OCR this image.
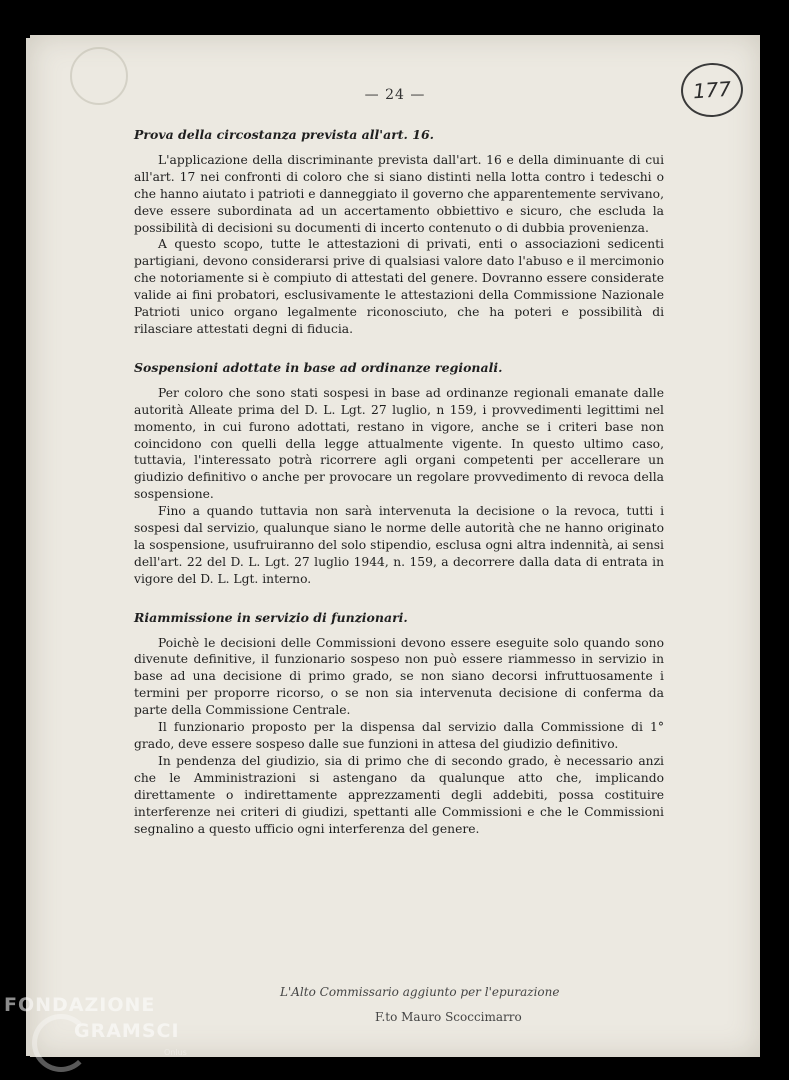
— 24 —	177

Prova della circostanza prevista all'art. 16.

L'applicazione della discriminante prevista dall'art. 16 e della diminuante di cui all'art. 17 nei confronti di coloro che si siano distinti nella lotta contro i tedeschi o che hanno aiutato i patrioti e danneggiato il governo che apparentemente servivano, deve essere subordinata ad un accertamento obbiettivo e sicuro, che escluda la possibilità di decisioni su documenti di incerto contenuto o di dubbia provenienza.

A questo scopo, tutte le attestazioni di privati, enti o associazioni sedicenti partigiani, devono considerarsi prive di qualsiasi valore dato l'abuso e il mercimonio che notoriamente si è compiuto di attestati del genere. Dovranno essere considerate valide ai fini probatori, esclusivamente le attestazioni della Commissione Nazionale Patrioti unico organo legalmente riconosciuto, che ha poteri e possibilità di rilasciare attestati degni di fiducia.

Sospensioni adottate in base ad ordinanze regionali.

Per coloro che sono stati sospesi in base ad ordinanze regionali emanate dalle autorità Alleate prima del D. L. Lgt. 27 luglio, n 159, i provvedimenti legittimi nel momento, in cui furono adottati, restano in vigore, anche se i criteri base non coincidono con quelli della legge attualmente vigente. In questo ultimo caso, tuttavia, l'interessato potrà ricorrere agli organi competenti per accellerare un giudizio definitivo o anche per provocare un regolare provvedimento di revoca della sospensione.

Fino a quando tuttavia non sarà intervenuta la decisione o la revoca, tutti i sospesi dal servizio, qualunque siano le norme delle autorità che ne hanno originato la sospensione, usufruiranno del solo stipendio, esclusa ogni altra indennità, ai sensi dell'art. 22 del D. L. Lgt. 27 luglio 1944, n. 159, a decorrere dalla data di entrata in vigore del D. L. Lgt. interno.

Riammissione in servizio di funzionari.

Poichè le decisioni delle Commissioni devono essere eseguite solo quando sono divenute definitive, il funzionario sospeso non può essere riammesso in servizio in base ad una decisione di primo grado, se non siano decorsi infruttuosamente i termini per proporre ricorso, o se non sia intervenuta decisione di conferma da parte della Commissione Centrale.

Il funzionario proposto per la dispensa dal servizio dalla Commissione di 1° grado, deve essere sospeso dalle sue funzioni in attesa del giudizio definitivo.

In pendenza del giudizio, sia di primo che di secondo grado, è necessario anzi che le Amministrazioni si astengano da qualunque atto che, implicando direttamente o indirettamente apprezzamenti degli addebiti, possa costituire interferenze nei criteri di giudizi, spettanti alle Commissioni e che le Commissioni segnalino a questo ufficio ogni interferenza del genere.

L'Alto Commissario aggiunto per l'epurazione
F.to Mauro Scoccimarro
FONDAZIONE
GRAMSCI
Onlus
